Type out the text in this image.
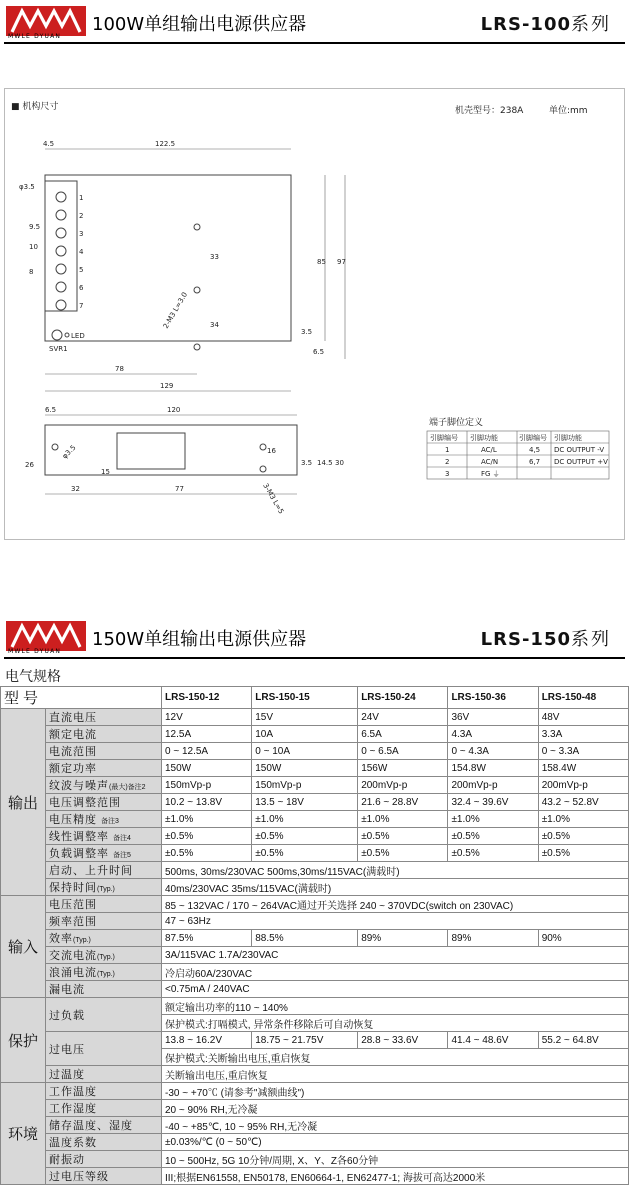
MWLE DYUAN
100W单组输出电源供应器	LRS-100系列
■ 机构尺寸	机壳型号：238A	单位:mm
1
2
3
4
5
6
7
LED
SVR1
122.5
4.5
φ3.5
9.5
10
8
33
34
2-M3 L=3.0
85 97
3.5
6.5
78
129
120
6.5
φ3.5
26
15
32	77
3.5 14.5 30
16
3-M3 L=5
端子脚位定义
引脚编号 引脚功能	引脚编号 引脚功能
1	AC/L	4,5 DC OUTPUT -V
2	AC/N	6,7 DC OUTPUT +V
3	FG ⏚
MWLE DYUAN
150W单组输出电源供应器	LRS-150系列
电气规格
型号		LRS-150-12	LRS-150-15	LRS-150-24	LRS-150-36	LRS-150-48
输出	直流电压	12V	15V	24V	36V	48V
	额定电流	12.5A	10A	6.5A	4.3A	3.3A
	电流范围	0 ~ 12.5A	0 ~ 10A	0 ~ 6.5A	0 ~ 4.3A	0 ~ 3.3A
	额定功率	150W	150W	156W	154.8W	158.4W
	纹波与噪声(最大)备注2	150mVp-p	150mVp-p	200mVp-p	200mVp-p	200mVp-p
	电压调整范围	10.2 ~ 13.8V	13.5 ~ 18V	21.6 ~ 28.8V	32.4 ~ 39.6V	43.2 ~ 52.8V
	电压精度 备注3	±1.0%	±1.0%	±1.0%	±1.0%	±1.0%
	线性调整率 备注4	±0.5%	±0.5%	±0.5%	±0.5%	±0.5%
	负载调整率 备注5	±0.5%	±0.5%	±0.5%	±0.5%	±0.5%
	启动、上升时间	500ms, 30ms/230VAC 500ms,30ms/115VAC(满载时)				
	保持时间(Typ.)	40ms/230VAC 35ms/115VAC(满载时)				
输入	电压范围	85 ~ 132VAC / 170 ~ 264VAC通过开关选择 240 ~ 370VDC(switch on 230VAC)				
	频率范围	47 ~ 63Hz				
	效率(Typ.)	87.5%	88.5%	89%	89%	90%
	交流电流(Typ.)	3A/115VAC 1.7A/230VAC				
	浪涌电流(Typ.)	冷启动60A/230VAC				
	漏电流	<0.75mA / 240VAC				
保护	过负载	额定输出功率的110 ~ 140%				
		保护模式:打嗝模式, 异常条件移除后可自动恢复				
	过电压	13.8 ~ 16.2V	18.75 ~ 21.75V	28.8 ~ 33.6V	41.4 ~ 48.6V	55.2 ~ 64.8V
		保护模式:关断输出电压,重启恢复				
	过温度	关断输出电压,重启恢复				
环境	工作温度	-30 ~ +70℃ (请参考"减额曲线")				
	工作湿度	20 ~ 90% RH,无冷凝				
	储存温度、湿度	-40 ~ +85℃, 10 ~ 95% RH,无冷凝				
	温度系数	±0.03%/℃ (0 ~ 50℃)				
	耐振动	10 ~ 500Hz, 5G 10分钟/周期, X、Y、Z各60分钟				
	过电压等级	III;根据EN61558, EN50178, EN60664-1, EN62477-1; 海拔可高达2000米				
